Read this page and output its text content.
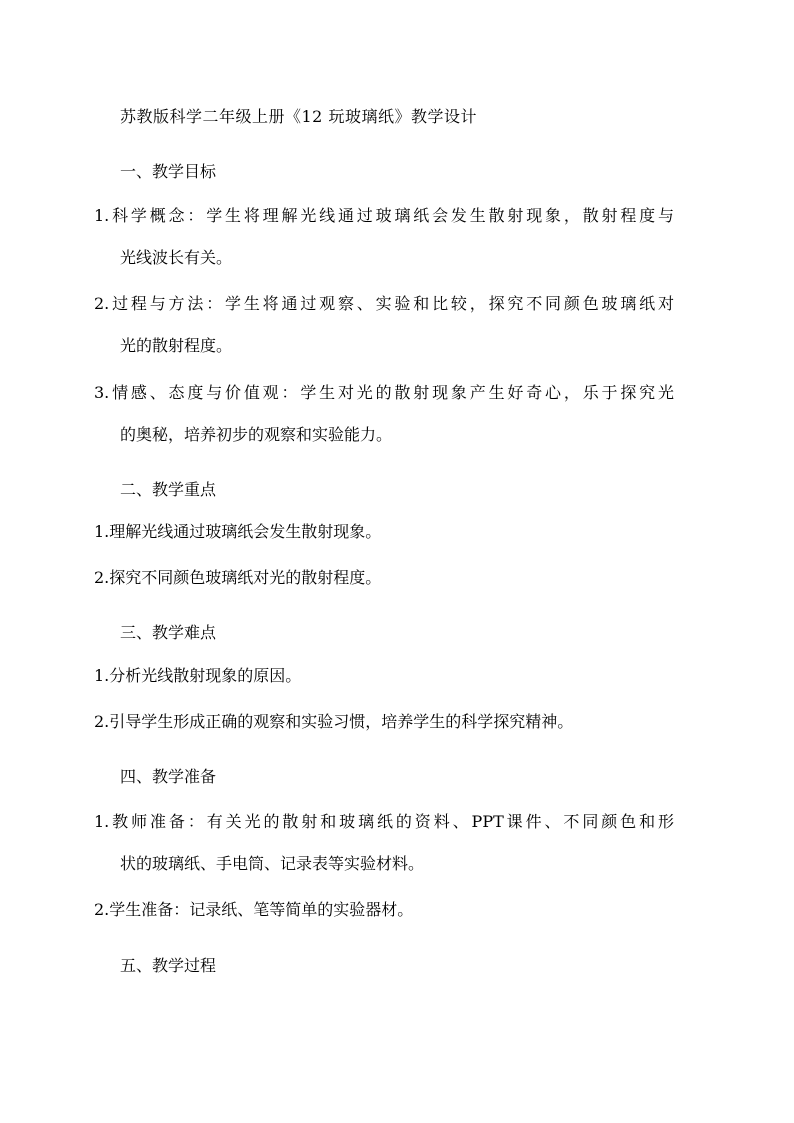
苏教版科学二年级上册《12 玩玻璃纸》教学设计
一、教学目标
1.科学概念：学生将理解光线通过玻璃纸会发生散射现象，散射程度与
光线波长有关。
2.过程与方法：学生将通过观察、实验和比较，探究不同颜色玻璃纸对
光的散射程度。
3.情感、态度与价值观：学生对光的散射现象产生好奇心，乐于探究光
的奥秘，培养初步的观察和实验能力。
二、教学重点
1.理解光线通过玻璃纸会发生散射现象。
2.探究不同颜色玻璃纸对光的散射程度。
三、教学难点
1.分析光线散射现象的原因。
2.引导学生形成正确的观察和实验习惯，培养学生的科学探究精神。
四、教学准备
1.教师准备：有关光的散射和玻璃纸的资料、PPT课件、不同颜色和形
状的玻璃纸、手电筒、记录表等实验材料。
2.学生准备：记录纸、笔等简单的实验器材。
五、教学过程
